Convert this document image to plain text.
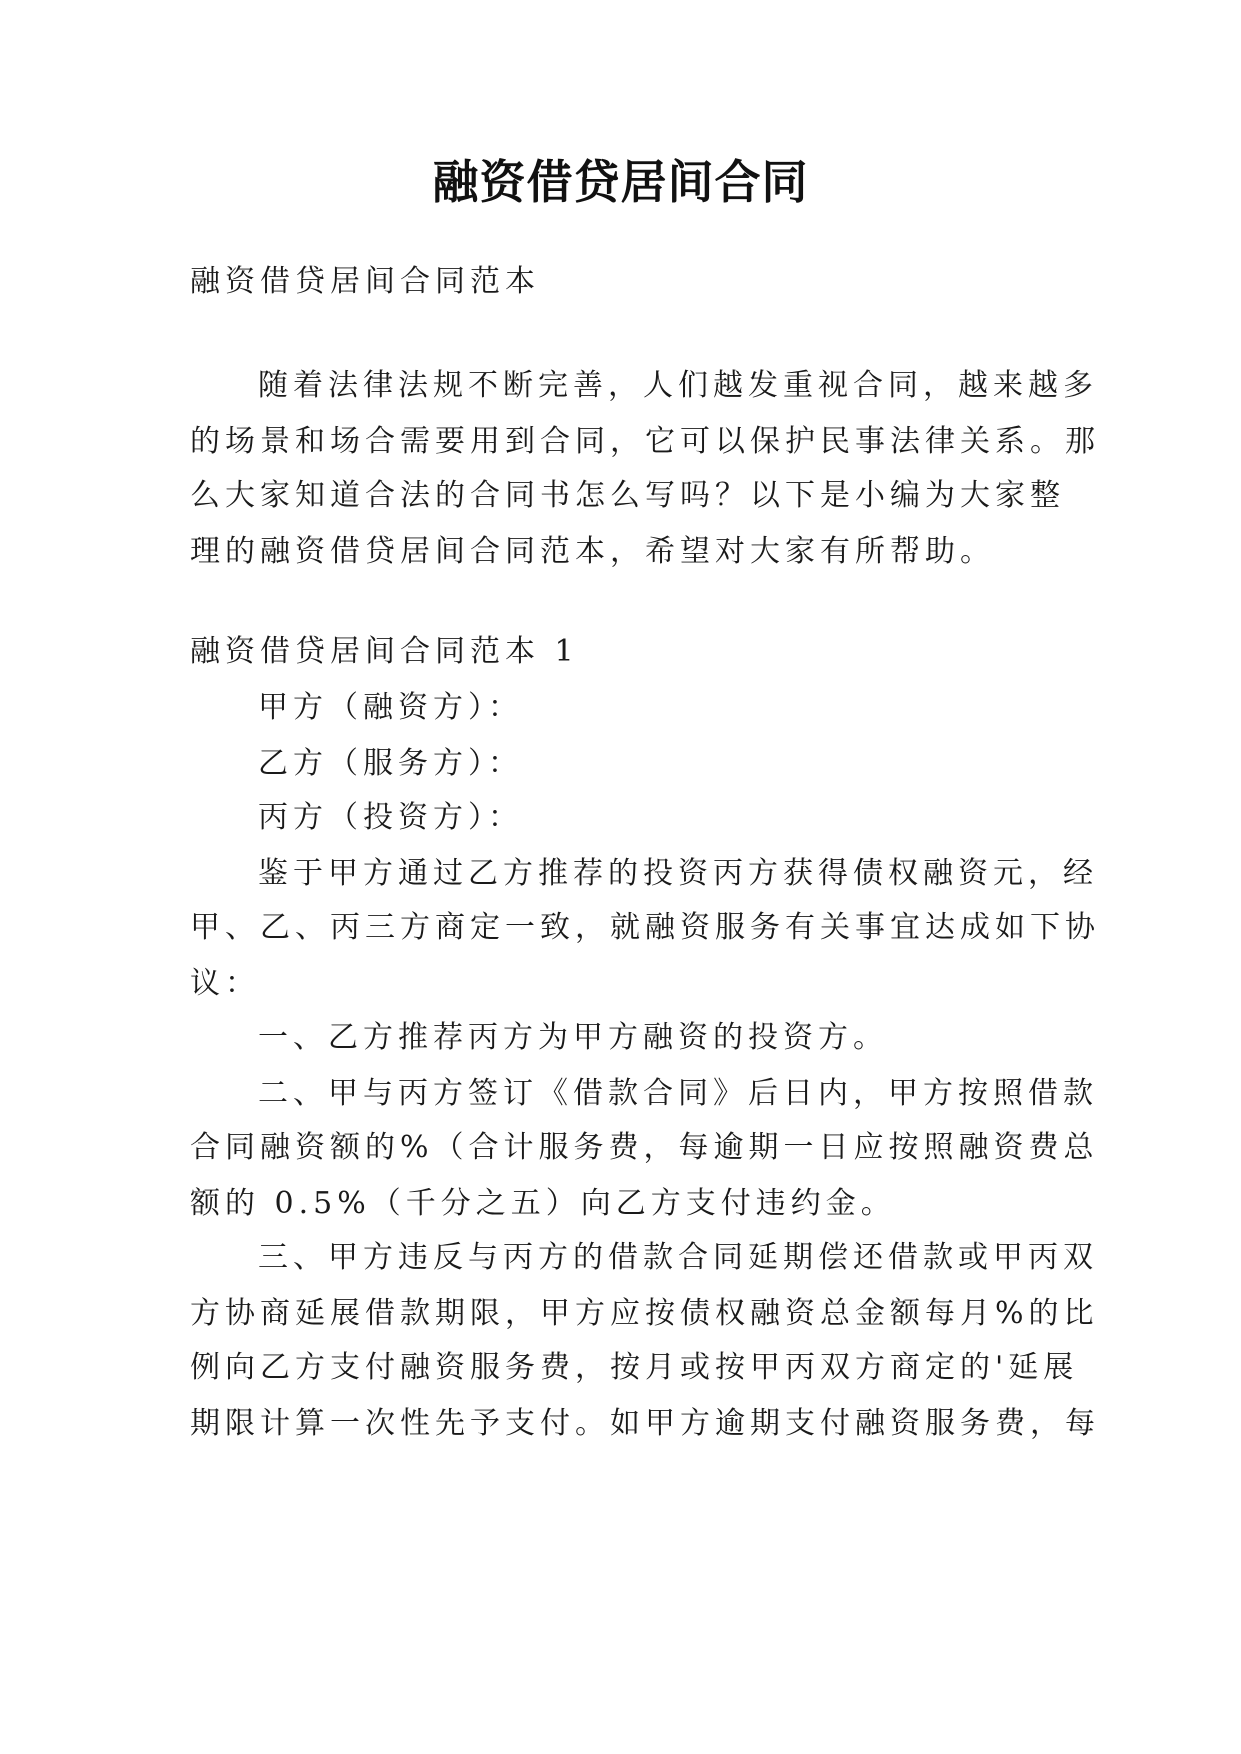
融资借贷居间合同
融资借贷居间合同范本
随着法律法规不断完善，人们越发重视合同，越来越多
的场景和场合需要用到合同，它可以保护民事法律关系。那
么大家知道合法的合同书怎么写吗？以下是小编为大家整
理的融资借贷居间合同范本，希望对大家有所帮助。
融资借贷居间合同范本 1
甲方（融资方）：
乙方（服务方）：
丙方（投资方）：
鉴于甲方通过乙方推荐的投资丙方获得债权融资元，经
甲、乙、丙三方商定一致，就融资服务有关事宜达成如下协
议：
一、乙方推荐丙方为甲方融资的投资方。
二、甲与丙方签订《借款合同》后日内，甲方按照借款
合同融资额的%（合计服务费，每逾期一日应按照融资费总
额的 0.5%（千分之五）向乙方支付违约金。
三、甲方违反与丙方的借款合同延期偿还借款或甲丙双
方协商延展借款期限，甲方应按债权融资总金额每月%的比
例向乙方支付融资服务费，按月或按甲丙双方商定的'延展
期限计算一次性先予支付。如甲方逾期支付融资服务费，每
